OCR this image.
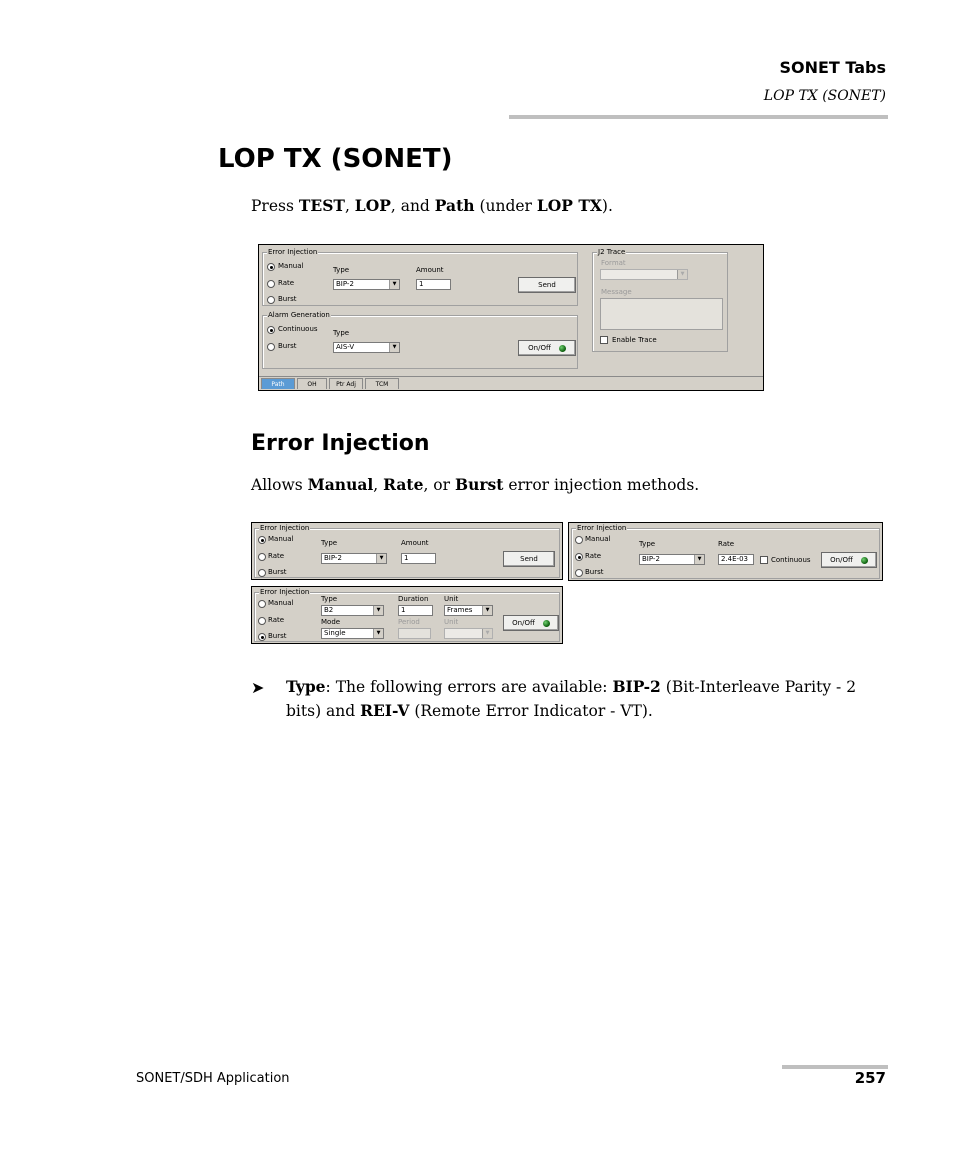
SONET Tabs
LOP TX (SONET)
LOP TX (SONET)
Press TEST, LOP, and Path (under LOP TX).
Error Injection
Manual
Rate
Burst
Type
BIP-2	▼
Amount
1	Send
Alarm Generation
Continuous
Burst
Type
AIS-V	▼	On/Off
J2 Trace
Format
▼
Message
Enable Trace
Path	OH	Ptr Adj	TCM
Error Injection
Allows Manual, Rate, or Burst error injection methods.
Error Injection
Manual
Rate
Burst
Type
BIP-2	▼
Amount
1	Send
Error Injection
Manual
Rate
Burst
Type
BIP-2	▼
Rate
2.4E-03	Continuous	On/Off
Error Injection
Manual
Rate
Burst
Type
B2	▼
Duration
1
Unit
Frames	▼
Mode
Single	▼
Period	Unit
▼
On/Off
➤ Type: The following errors are available: BIP-2 (Bit-Interleave Parity - 2 bits) and REI-V (Remote Error Indicator - VT).
SONET/SDH Application	257
